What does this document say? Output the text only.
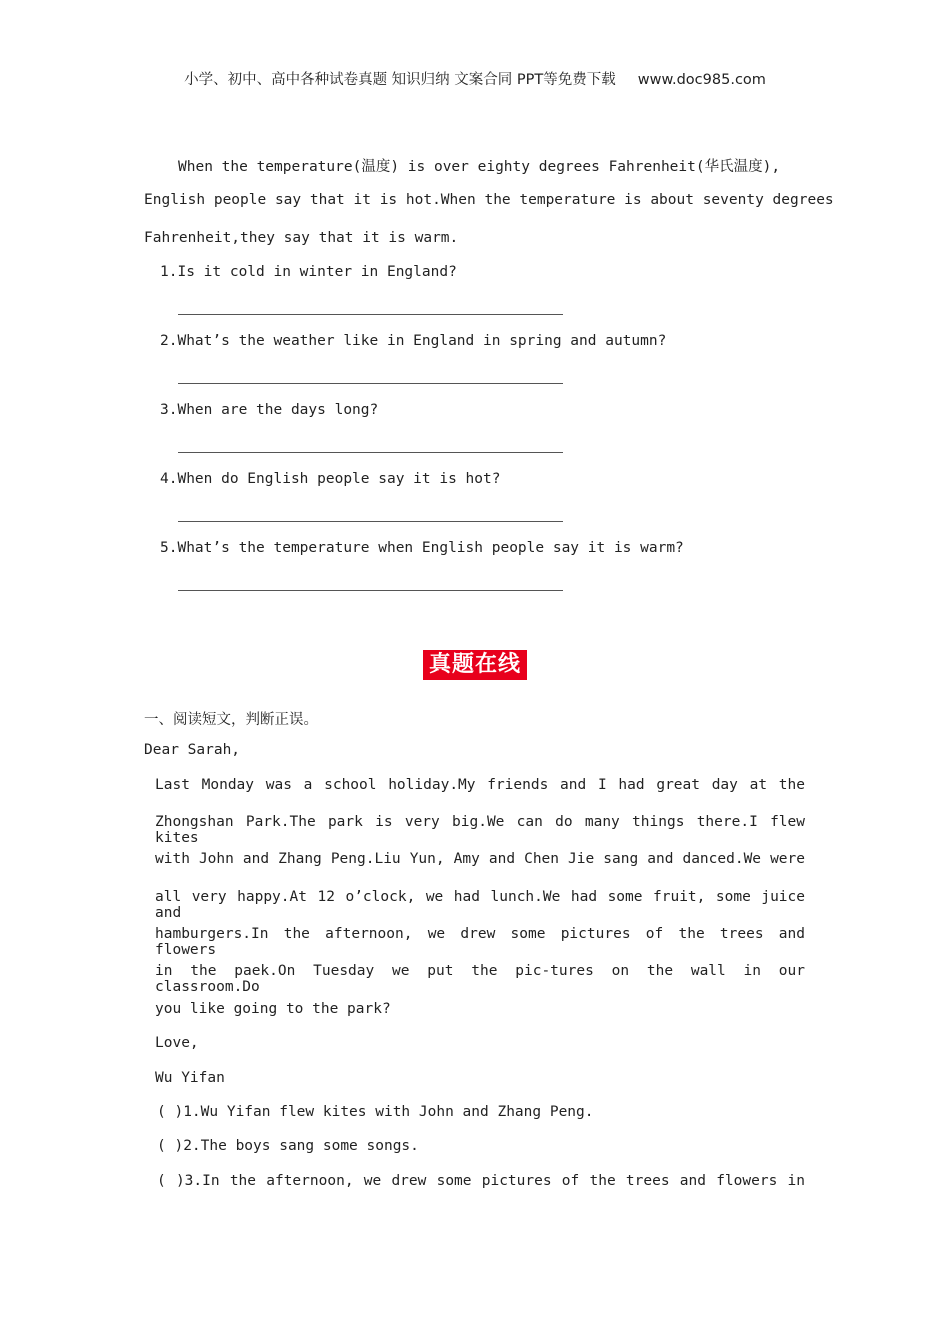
小学、初中、高中各种试卷真题 知识归纳 文案合同 PPT等免费下载 www.doc985.com
When the temperature(温度) is over eighty degrees Fahrenheit(华氏温度),
English people say that it is hot.When the temperature is about seventy degrees
Fahrenheit,they say that it is warm.
1.Is it cold in winter in England?
2.What’s the weather like in England in spring and autumn?
3.When are the days long?
4.When do English people say it is hot?
5.What’s the temperature when English people say it is warm?
真题在线
一、阅读短文，判断正误。
Dear Sarah,
Last Monday was a school holiday.My friends and I had great day at the
Zhongshan Park.The park is very big.We can do many things there.I flew kites
with John and Zhang Peng.Liu Yun, Amy and Chen Jie sang and danced.We were
all very happy.At 12 o’clock, we had lunch.We had some fruit, some juice and
hamburgers.In the afternoon, we drew some pictures of the trees and flowers
in the paek.On Tuesday we put the pic-tures on the wall in our classroom.Do
you like going to the park?
Love,
Wu Yifan
( )1.Wu Yifan flew kites with John and Zhang Peng.
( )2.The boys sang some songs.
( )3.In the afternoon, we drew some pictures of the trees and flowers in
